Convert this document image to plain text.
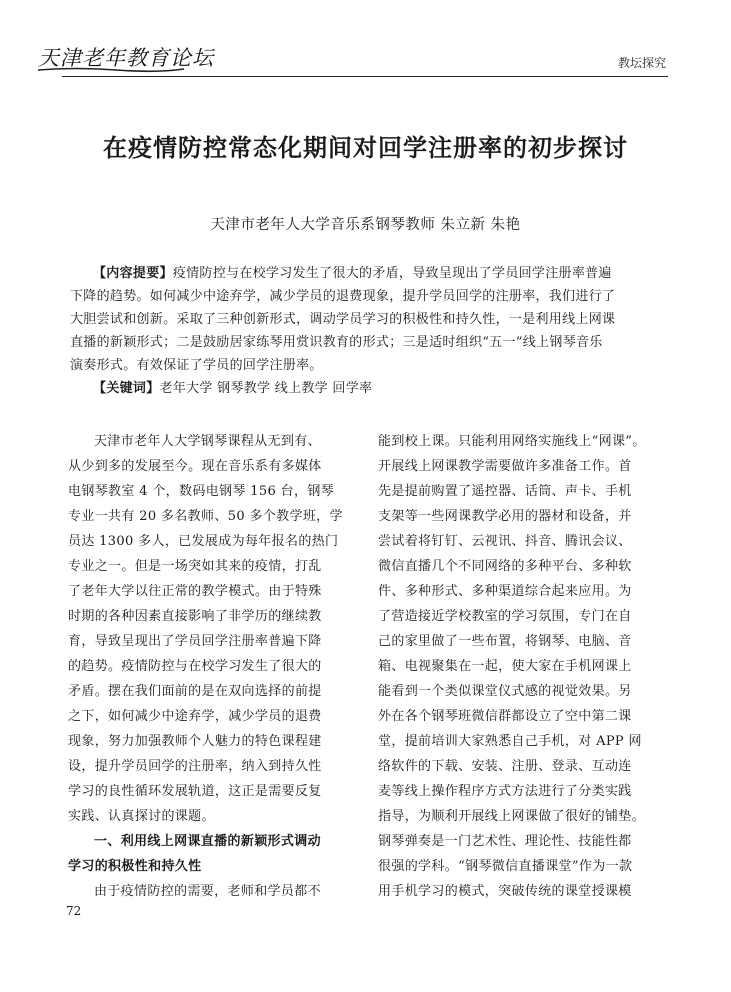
天津老年教育论坛	教坛探究
在疫情防控常态化期间对回学注册率的初步探讨
天津市老年人大学音乐系钢琴教师 朱立新 朱艳
【内容提要】疫情防控与在校学习发生了很大的矛盾，导致呈现出了学员回学注册率普遍
下降的趋势。如何减少中途弃学，减少学员的退费现象，提升学员回学的注册率，我们进行了
大胆尝试和创新。采取了三种创新形式，调动学员学习的积极性和持久性，一是利用线上网课
直播的新颖形式；二是鼓励居家练琴用赏识教育的形式；三是适时组织“五一”线上钢琴音乐
演奏形式。有效保证了学员的回学注册率。
【关键词】老年大学 钢琴教学 线上教学 回学率
天津市老年人大学钢琴课程从无到有、
从少到多的发展至今。现在音乐系有多媒体
电钢琴教室 4 个，数码电钢琴 156 台，钢琴
专业一共有 20 多名教师、50 多个教学班，学
员达 1300 多人，已发展成为每年报名的热门
专业之一。但是一场突如其来的疫情，打乱
了老年大学以往正常的教学模式。由于特殊
时期的各种因素直接影响了非学历的继续教
育，导致呈现出了学员回学注册率普遍下降
的趋势。疫情防控与在校学习发生了很大的
矛盾。摆在我们面前的是在双向选择的前提
之下，如何减少中途弃学，减少学员的退费
现象，努力加强教师个人魅力的特色课程建
设，提升学员回学的注册率，纳入到持久性
学习的良性循环发展轨道，这正是需要反复
实践、认真探讨的课题。
一、利用线上网课直播的新颖形式调动
学习的积极性和持久性
由于疫情防控的需要，老师和学员都不
能到校上课。只能利用网络实施线上“网课”。
开展线上网课教学需要做许多准备工作。首
先是提前购置了遥控器、话筒、声卡、手机
支架等一些网课教学必用的器材和设备，并
尝试着将钉钉、云视讯、抖音、腾讯会议、
微信直播几个不同网络的多种平台、多种软
件、多种形式、多种渠道综合起来应用。为
了营造接近学校教室的学习氛围，专门在自
己的家里做了一些布置，将钢琴、电脑、音
箱、电视聚集在一起，使大家在手机网课上
能看到一个类似课堂仪式感的视觉效果。另
外在各个钢琴班微信群都设立了空中第二课
堂，提前培训大家熟悉自己手机，对 APP 网
络软件的下载、安装、注册、登录、互动连
麦等线上操作程序方式方法进行了分类实践
指导，为顺利开展线上网课做了很好的铺垫。
钢琴弹奏是一门艺术性、理论性、技能性都
很强的学科。“钢琴微信直播课堂”作为一款
用手机学习的模式，突破传统的课堂授课模
72
